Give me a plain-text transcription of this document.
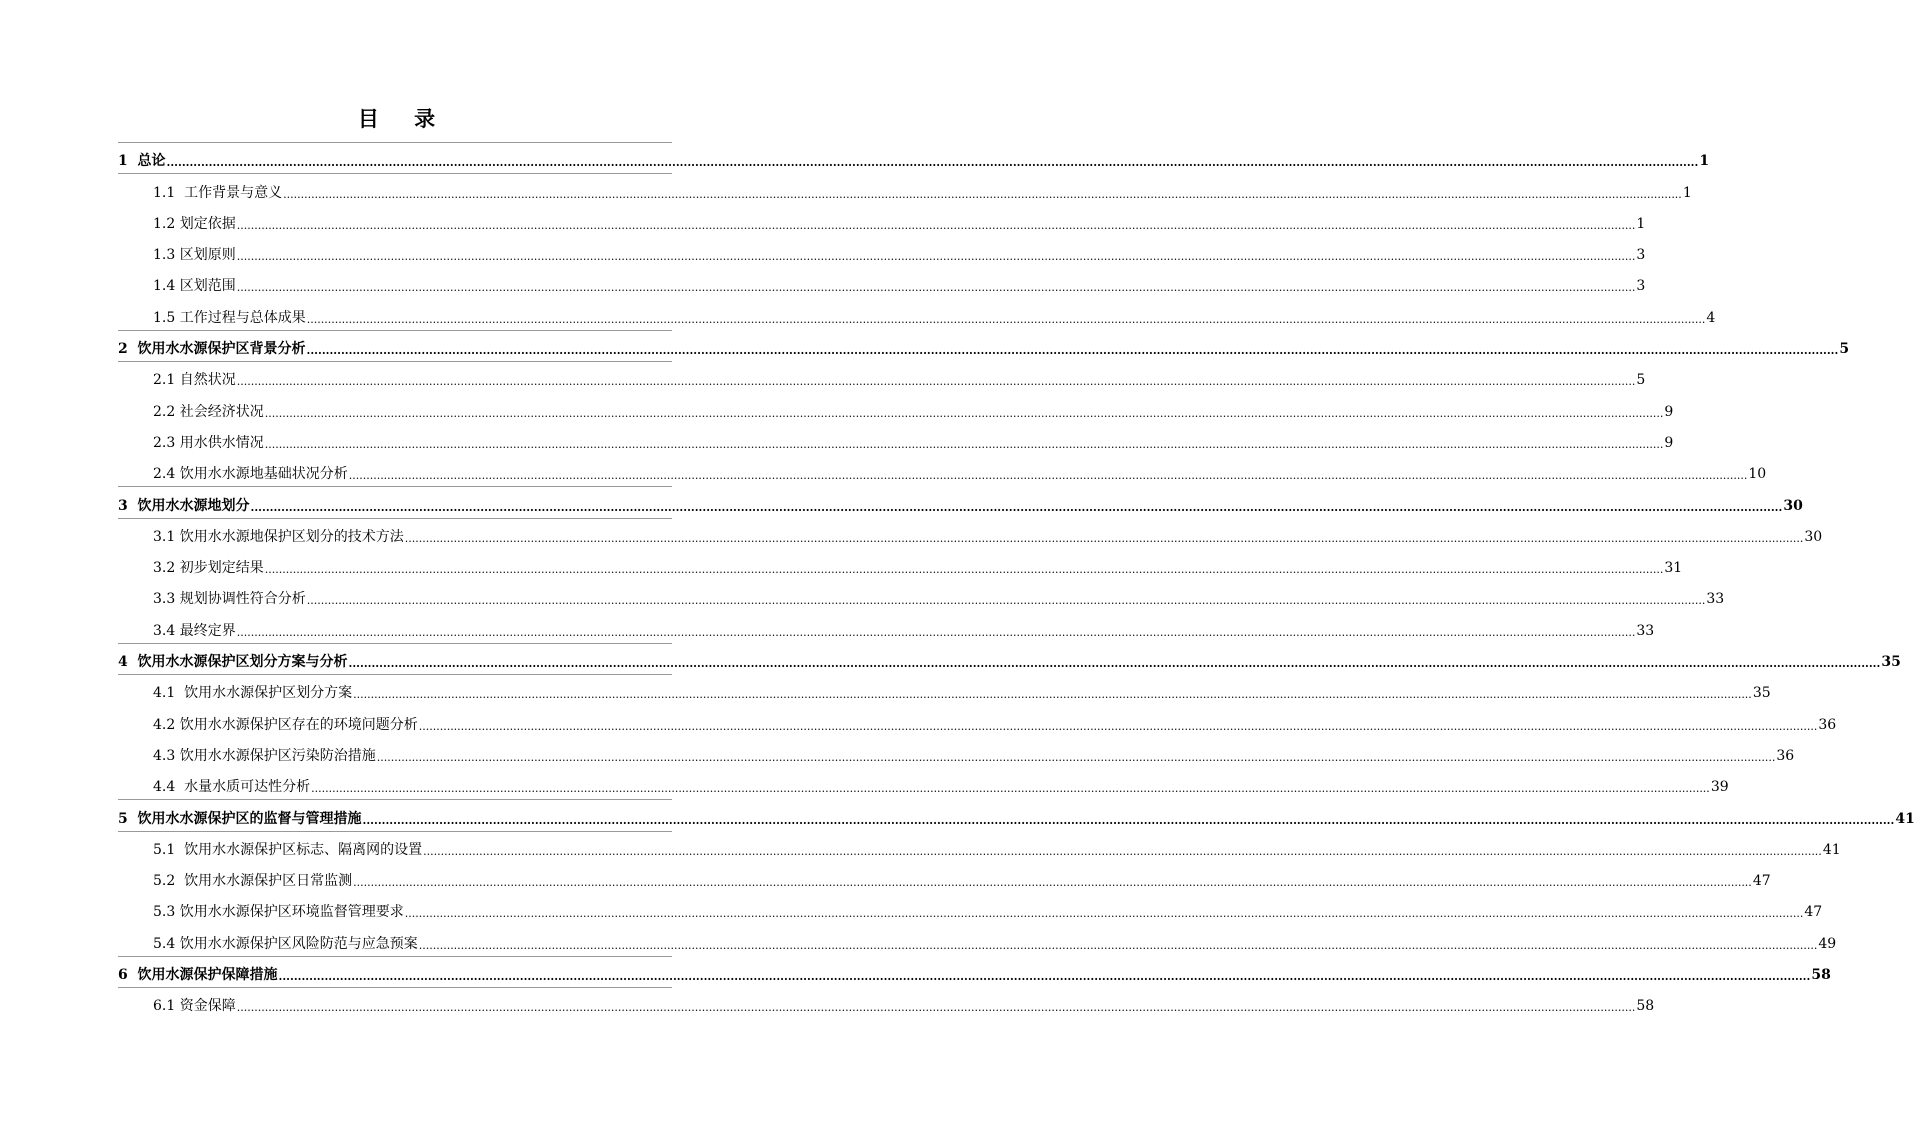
目 录
1  总论 ................................................................................................................................................................................................................................................................................................................................................................................................................ 1
1.1  工作背景与意义 ................................................................................................................................................................................................................................................................................................................................................................................................................ 1
1.2 划定依据 ................................................................................................................................................................................................................................................................................................................................................................................................................ 1
1.3 区划原则 ................................................................................................................................................................................................................................................................................................................................................................................................................ 3
1.4 区划范围 ................................................................................................................................................................................................................................................................................................................................................................................................................ 3
1.5 工作过程与总体成果 ................................................................................................................................................................................................................................................................................................................................................................................................................ 4
2  饮用水水源保护区背景分析 ................................................................................................................................................................................................................................................................................................................................................................................................................ 5
2.1 自然状况 ................................................................................................................................................................................................................................................................................................................................................................................................................ 5
2.2 社会经济状况 ................................................................................................................................................................................................................................................................................................................................................................................................................ 9
2.3 用水供水情况 ................................................................................................................................................................................................................................................................................................................................................................................................................ 9
2.4 饮用水水源地基础状况分析 ................................................................................................................................................................................................................................................................................................................................................................................................................ 10
3  饮用水水源地划分 ................................................................................................................................................................................................................................................................................................................................................................................................................ 30
3.1 饮用水水源地保护区划分的技术方法 ................................................................................................................................................................................................................................................................................................................................................................................................................ 30
3.2 初步划定结果 ................................................................................................................................................................................................................................................................................................................................................................................................................ 31
3.3 规划协调性符合分析 ................................................................................................................................................................................................................................................................................................................................................................................................................ 33
3.4 最终定界 ................................................................................................................................................................................................................................................................................................................................................................................................................ 33
4  饮用水水源保护区划分方案与分析 ................................................................................................................................................................................................................................................................................................................................................................................................................ 35
4.1  饮用水水源保护区划分方案 ................................................................................................................................................................................................................................................................................................................................................................................................................ 35
4.2 饮用水水源保护区存在的环境问题分析 ................................................................................................................................................................................................................................................................................................................................................................................................................ 36
4.3 饮用水水源保护区污染防治措施 ................................................................................................................................................................................................................................................................................................................................................................................................................ 36
4.4  水量水质可达性分析 ................................................................................................................................................................................................................................................................................................................................................................................................................ 39
5  饮用水水源保护区的监督与管理措施 ................................................................................................................................................................................................................................................................................................................................................................................................................ 41
5.1  饮用水水源保护区标志、隔离网的设置 ................................................................................................................................................................................................................................................................................................................................................................................................................ 41
5.2  饮用水水源保护区日常监测 ................................................................................................................................................................................................................................................................................................................................................................................................................ 47
5.3 饮用水水源保护区环境监督管理要求 ................................................................................................................................................................................................................................................................................................................................................................................................................ 47
5.4 饮用水水源保护区风险防范与应急预案 ................................................................................................................................................................................................................................................................................................................................................................................................................ 49
6  饮用水源保护保障措施 ................................................................................................................................................................................................................................................................................................................................................................................................................ 58
6.1 资金保障 ................................................................................................................................................................................................................................................................................................................................................................................................................ 58
